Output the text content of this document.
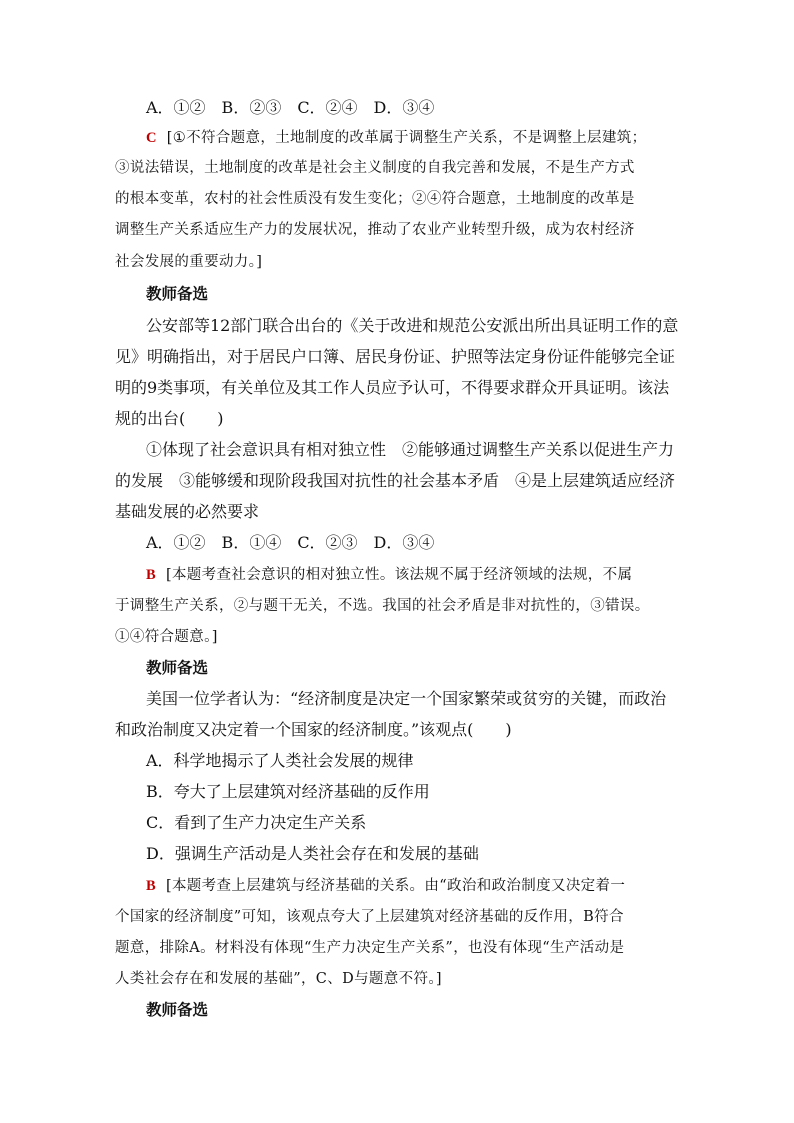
A．①②　B．②③　C．②④　D．③④
C [①不符合题意，土地制度的改革属于调整生产关系，不是调整上层建筑；
③说法错误，土地制度的改革是社会主义制度的自我完善和发展，不是生产方式
的根本变革，农村的社会性质没有发生变化；②④符合题意，土地制度的改革是
调整生产关系适应生产力的发展状况，推动了农业产业转型升级，成为农村经济
社会发展的重要动力。]
教师备选
公安部等12部门联合出台的《关于改进和规范公安派出所出具证明工作的意
见》明确指出，对于居民户口簿、居民身份证、护照等法定身份证件能够完全证
明的9类事项，有关单位及其工作人员应予认可，不得要求群众开具证明。该法
规的出台(　　)
①体现了社会意识具有相对独立性　②能够通过调整生产关系以促进生产力
的发展　③能够缓和现阶段我国对抗性的社会基本矛盾　④是上层建筑适应经济
基础发展的必然要求
A．①②　B．①④　C．②③　D．③④
B [本题考查社会意识的相对独立性。该法规不属于经济领域的法规，不属
于调整生产关系，②与题干无关，不选。我国的社会矛盾是非对抗性的，③错误。
①④符合题意。]
教师备选
美国一位学者认为：“经济制度是决定一个国家繁荣或贫穷的关键，而政治
和政治制度又决定着一个国家的经济制度。”该观点(　　)
A．科学地揭示了人类社会发展的规律
B．夸大了上层建筑对经济基础的反作用
C．看到了生产力决定生产关系
D．强调生产活动是人类社会存在和发展的基础
B [本题考查上层建筑与经济基础的关系。由“政治和政治制度又决定着一
个国家的经济制度”可知，该观点夸大了上层建筑对经济基础的反作用，B符合
题意，排除A。材料没有体现“生产力决定生产关系”，也没有体现“生产活动是
人类社会存在和发展的基础”，C、D与题意不符。]
教师备选
